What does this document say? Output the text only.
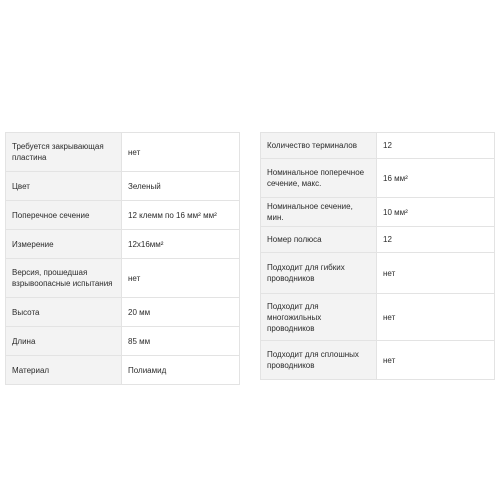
Требуется закрывающая пластина	нет
Цвет	Зеленый
Поперечное сечение	12 клемм по 16 мм² мм²
Измерение	12x16мм²
Версия, прошедшая взрывоопасные испытания	нет
Высота	20 мм
Длина	85 мм
Материал	Полиамид
Количество терминалов	12
Номинальное поперечное сечение, макс.	16 мм²
Номинальное сечение, мин.	10 мм²
Номер полюса	12
Подходит для гибких проводников	нет
Подходит для многожильных проводников	нет
Подходит для сплошных проводников	нет
